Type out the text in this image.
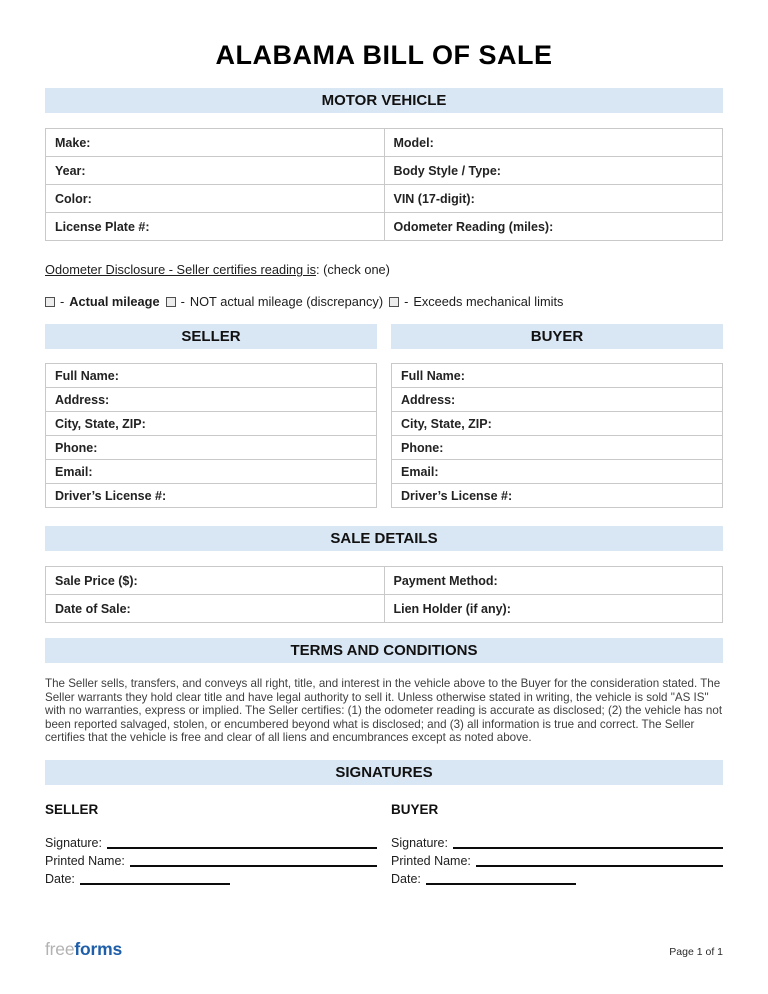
ALABAMA BILL OF SALE
MOTOR VEHICLE
Make:	Model:
Year:	Body Style / Type:
Color:	VIN (17-digit):
License Plate #:	Odometer Reading (miles):

Odometer Disclosure - Seller certifies reading is: (check one)

- Actual mileage - NOT actual mileage (discrepancy) - Exceeds mechanical limits
SELLER	BUYER
Full Name:
Address:
City, State, ZIP:
Phone:
Email:
Driver’s License #:
Full Name:
Address:
City, State, ZIP:
Phone:
Email:
Driver’s License #:
SALE DETAILS
Sale Price ($):	Payment Method:
Date of Sale:	Lien Holder (if any):
TERMS AND CONDITIONS

The Seller sells, transfers, and conveys all right, title, and interest in the vehicle above to the Buyer for the consideration stated. The Seller warrants they hold clear title and have legal authority to sell it. Unless otherwise stated in writing, the vehicle is sold "AS IS" with no warranties, express or implied. The Seller certifies: (1) the odometer reading is accurate as disclosed; (2) the vehicle has not been reported salvaged, stolen, or encumbered beyond what is disclosed; and (3) all information is true and correct. The Seller certifies that the vehicle is free and clear of all liens and encumbrances except as noted above.

SIGNATURES
SELLER
Signature:
Printed Name:
Date:
BUYER
Signature:
Printed Name:
Date:
freeforms	Page 1 of 1
